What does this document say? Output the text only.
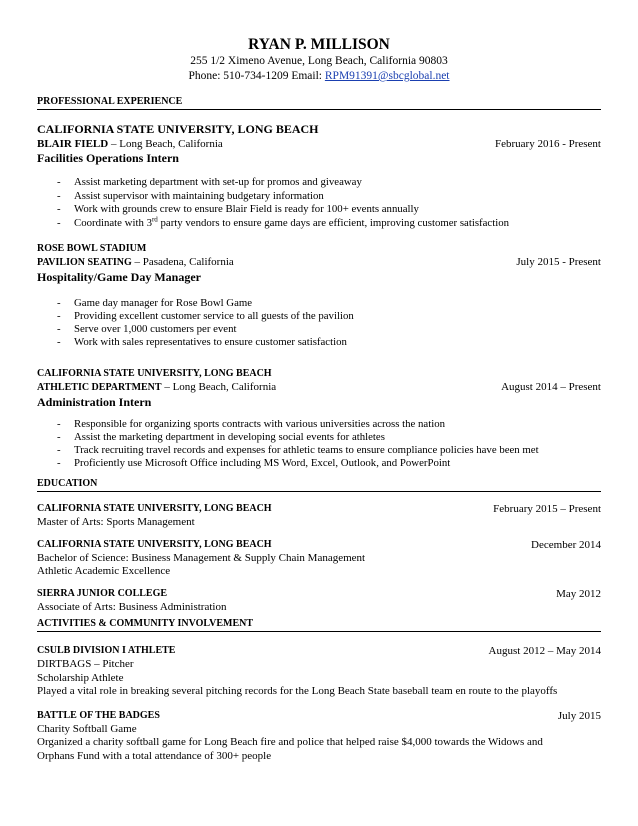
RYAN P. MILLISON
255 1/2 Ximeno Avenue, Long Beach, California 90803
Phone: 510-734-1209 Email: RPM91391@sbcglobal.net
PROFESSIONAL EXPERIENCE
CALIFORNIA STATE UNIVERSITY, LONG BEACH
BLAIR FIELD – Long Beach, California	February 2016 - Present
Facilities Operations Intern
- Assist marketing department with set-up for promos and giveaway
- Assist supervisor with maintaining budgetary information
- Work with grounds crew to ensure Blair Field is ready for 100+ events annually
- Coordinate with 3rd party vendors to ensure game days are efficient, improving customer satisfaction
ROSE BOWL STADIUM
PAVILION SEATING – Pasadena, California	July 2015 - Present
Hospitality/Game Day Manager
- Game day manager for Rose Bowl Game
- Providing excellent customer service to all guests of the pavilion
- Serve over 1,000 customers per event
- Work with sales representatives to ensure customer satisfaction
CALIFORNIA STATE UNIVERSITY, LONG BEACH
ATHLETIC DEPARTMENT – Long Beach, California	August 2014 – Present
Administration Intern
- Responsible for organizing sports contracts with various universities across the nation
- Assist the marketing department in developing social events for athletes
- Track recruiting travel records and expenses for athletic teams to ensure compliance policies have been met
- Proficiently use Microsoft Office including MS Word, Excel, Outlook, and PowerPoint
EDUCATION
CALIFORNIA STATE UNIVERSITY, LONG BEACH	February 2015 – Present
Master of Arts: Sports Management
CALIFORNIA STATE UNIVERSITY, LONG BEACH	December 2014
Bachelor of Science: Business Management & Supply Chain Management
Athletic Academic Excellence
SIERRA JUNIOR COLLEGE	May 2012
Associate of Arts: Business Administration
ACTIVITIES & COMMUNITY INVOLVEMENT
CSULB DIVISION I ATHLETE	August 2012 – May 2014
DIRTBAGS – Pitcher
Scholarship Athlete
Played a vital role in breaking several pitching records for the Long Beach State baseball team en route to the playoffs
BATTLE OF THE BADGES	July 2015
Charity Softball Game
Organized a charity softball game for Long Beach fire and police that helped raise $4,000 towards the Widows and
Orphans Fund with a total attendance of 300+ people
